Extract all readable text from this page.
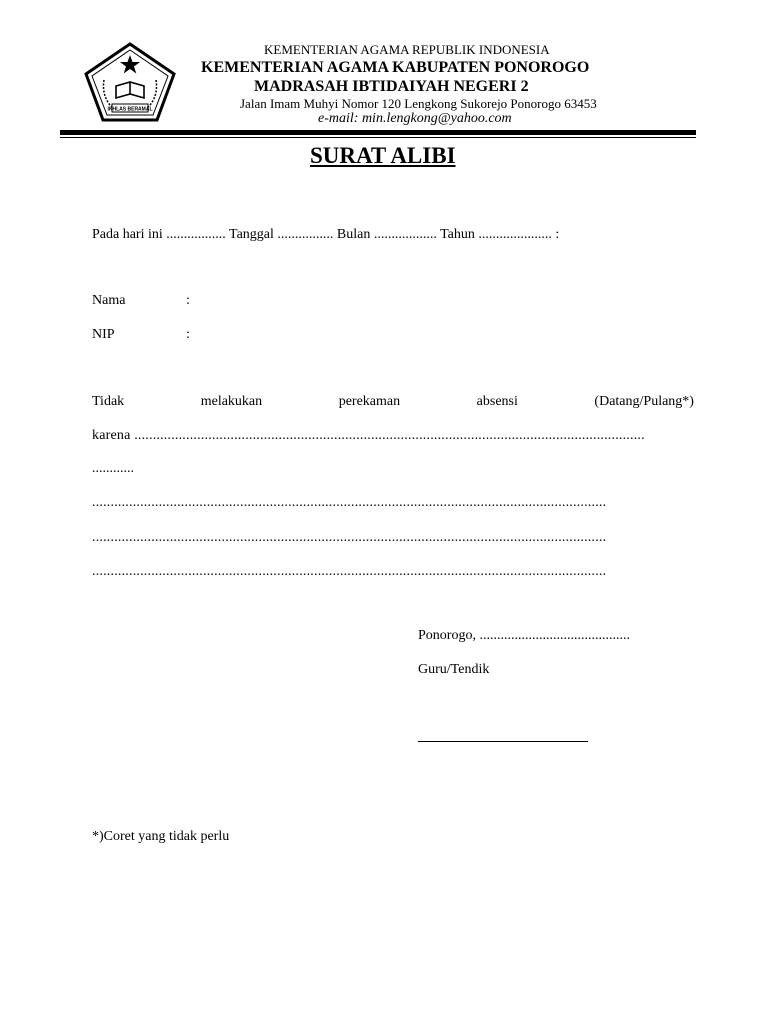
IKHLAS BERAMAL
KEMENTERIAN AGAMA REPUBLIK INDONESIA
KEMENTERIAN AGAMA KABUPATEN PONOROGO
MADRASAH IBTIDAIYAH NEGERI 2
Jalan Imam Muhyi Nomor 120 Lengkong Sukorejo Ponorogo 63453
e-mail: min.lengkong@yahoo.com
SURAT ALIBI
Pada hari ini ................. Tanggal ................ Bulan .................. Tahun ..................... :
Nama	:
NIP	:
Tidak	melakukan	perekaman	absensi	(Datang/Pulang*)
karena ..........................................................................................................................................
............
...........................................................................................................................................
...........................................................................................................................................
...........................................................................................................................................
Ponorogo, ...........................................
Guru/Tendik
*)Coret yang tidak perlu
